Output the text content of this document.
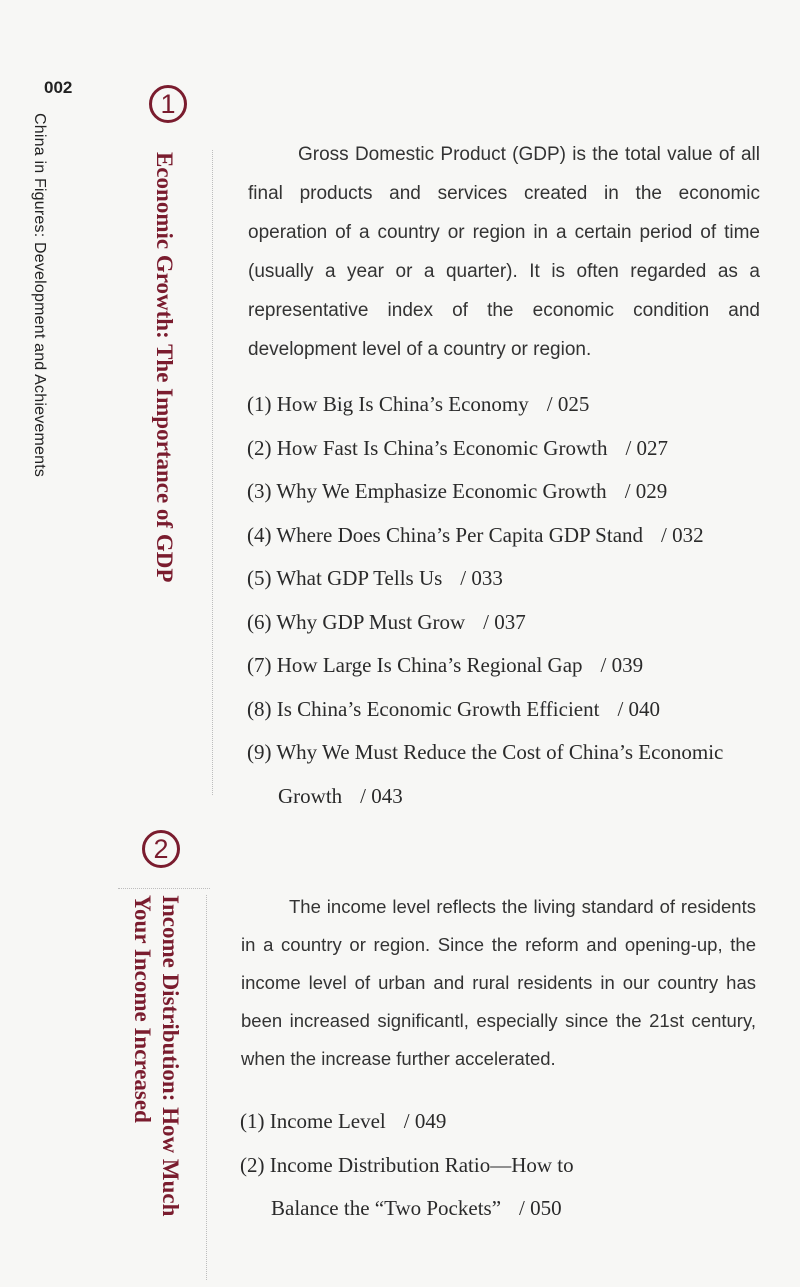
002
China in Figures: Development and Achievements
1
Economic Growth: The Importance of GDP	Gross Domestic Product (GDP) is the total value of all final products and services created in the economic operation of a country or region in a certain period of time (usually a year or a quarter). It is often regarded as a representative index of the economic condition and development level of a country or region.

(1) How Big Is China’s Economy / 025
(2) How Fast Is China’s Economic Growth / 027
(3) Why We Emphasize Economic Growth / 029
(4) Where Does China’s Per Capita GDP Stand / 032
(5) What GDP Tells Us / 033
(6) Why GDP Must Grow / 037
(7) How Large Is China’s Regional Gap / 039
(8) Is China’s Economic Growth Efficient / 040
(9) Why We Must Reduce the Cost of China’s Economic
Growth / 043
2
Income Distribution: How Much
Your Income Increased	The income level reflects the living standard of residents in a country or region. Since the reform and opening-up, the income level of urban and rural residents in our country has been increased significantl, especially since the 21st century, when the increase further accelerated.

(1) Income Level / 049
(2) Income Distribution Ratio—How to
Balance the “Two Pockets” / 050
